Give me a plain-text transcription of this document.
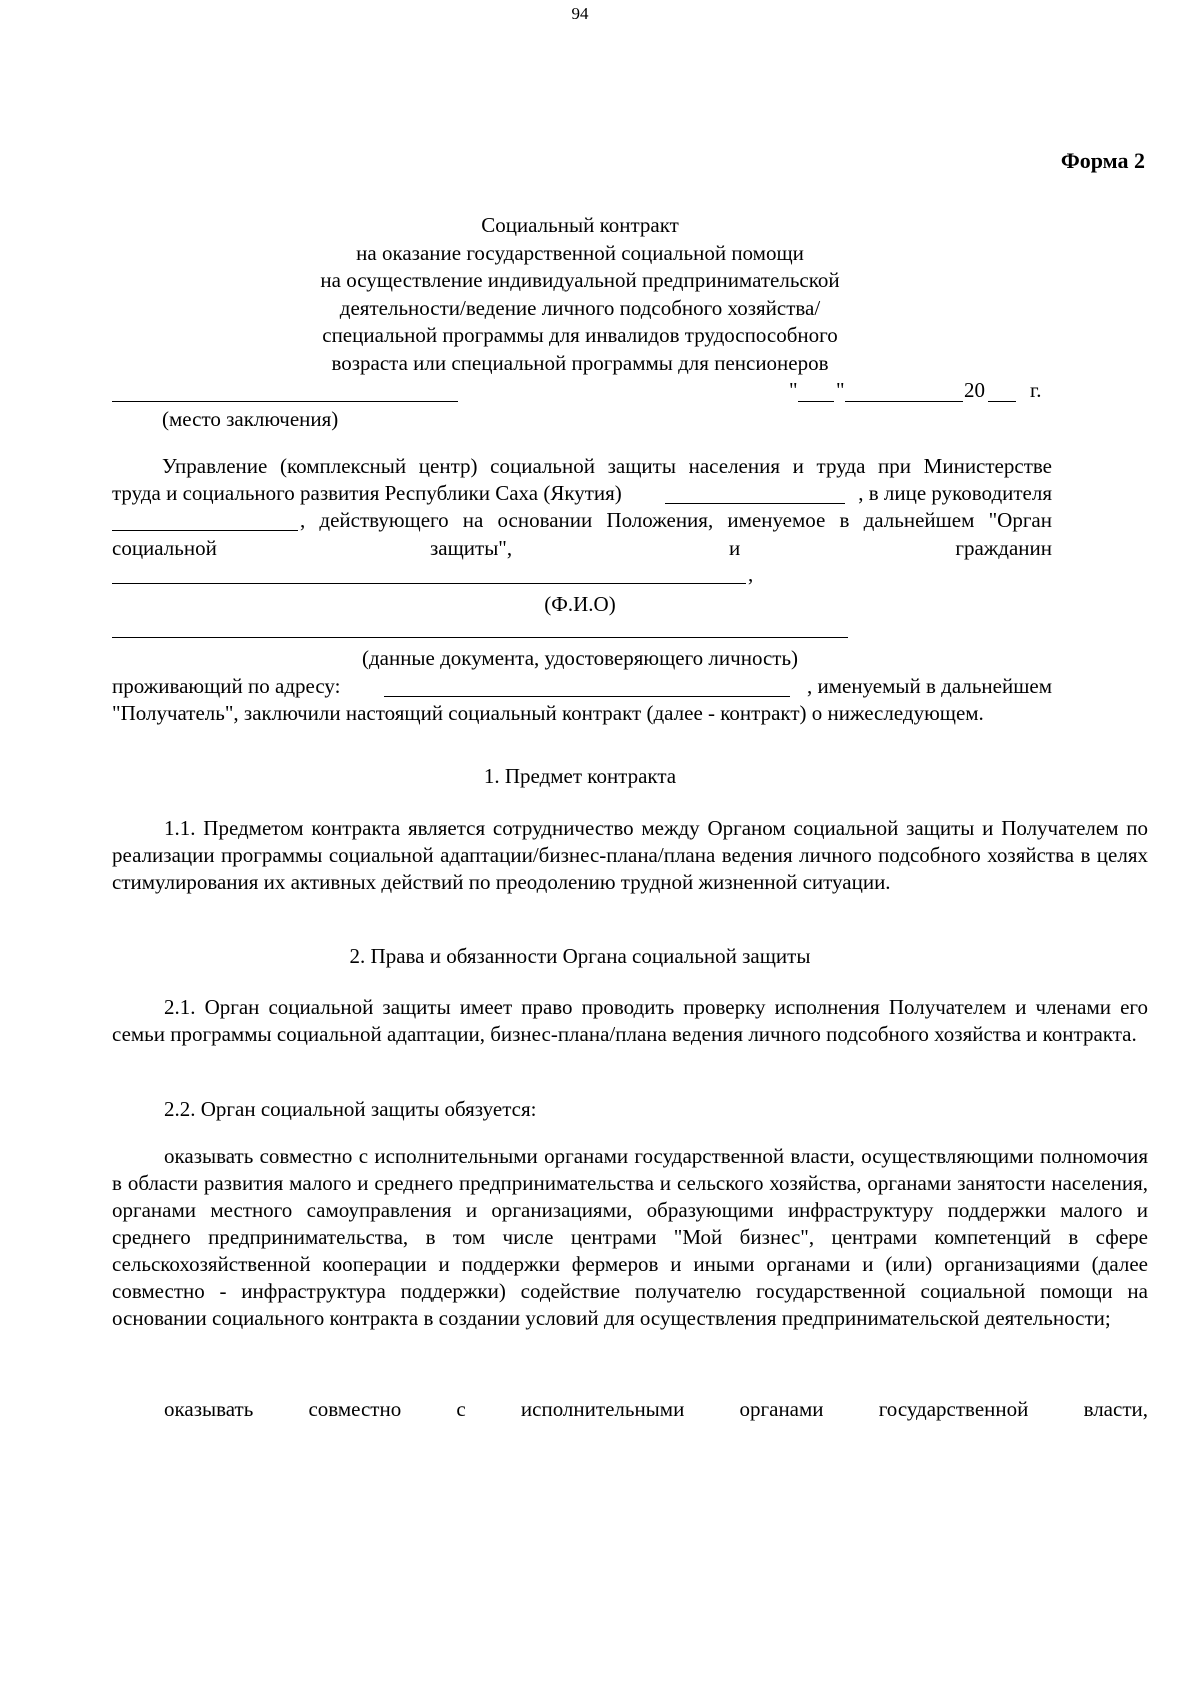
94
Форма 2
Социальный контракт
на оказание государственной социальной помощи
на осуществление индивидуальной предпринимательской
деятельности/ведение личного подсобного хозяйства/
специальной программы для инвалидов трудоспособного
возраста или специальной программы для пенсионеров
" "	20 г.
(место заключения)
Управление (комплексный центр) социальной защиты населения и труда при Министерстве
труда и социального развития Республики Саха (Якутия)	, в лице руководителя
, действующего на основании Положения, именуемое в дальнейшем "Орган
социальной	защиты",	и	гражданин
,
(Ф.И.О)
(данные документа, удостоверяющего личность)
проживающий по адресу:	, именуемый в дальнейшем
"Получатель", заключили настоящий социальный контракт (далее - контракт) о нижеследующем.
1. Предмет контракта
1.1. Предметом контракта является сотрудничество между Органом социальной защиты и Получателем по реализации программы социальной адаптации/бизнес-плана/плана ведения личного подсобного хозяйства в целях стимулирования их активных действий по преодолению трудной жизненной ситуации.
2. Права и обязанности Органа социальной защиты
2.1. Орган социальной защиты имеет право проводить проверку исполнения Получателем и членами его семьи программы социальной адаптации, бизнес-плана/плана ведения личного подсобного хозяйства и контракта.
2.2. Орган социальной защиты обязуется:
оказывать совместно с исполнительными органами государственной власти, осуществляющими полномочия в области развития малого и среднего предпринимательства и сельского хозяйства, органами занятости населения, органами местного самоуправления и организациями, образующими инфраструктуру поддержки малого и среднего предпринимательства, в том числе центрами "Мой бизнес", центрами компетенций в сфере сельскохозяйственной кооперации и поддержки фермеров и иными органами и (или) организациями (далее совместно - инфраструктура поддержки) содействие получателю государственной социальной помощи на основании социального контракта в создании условий для осуществления предпринимательской деятельности;
оказывать совместно с исполнительными органами государственной власти,
